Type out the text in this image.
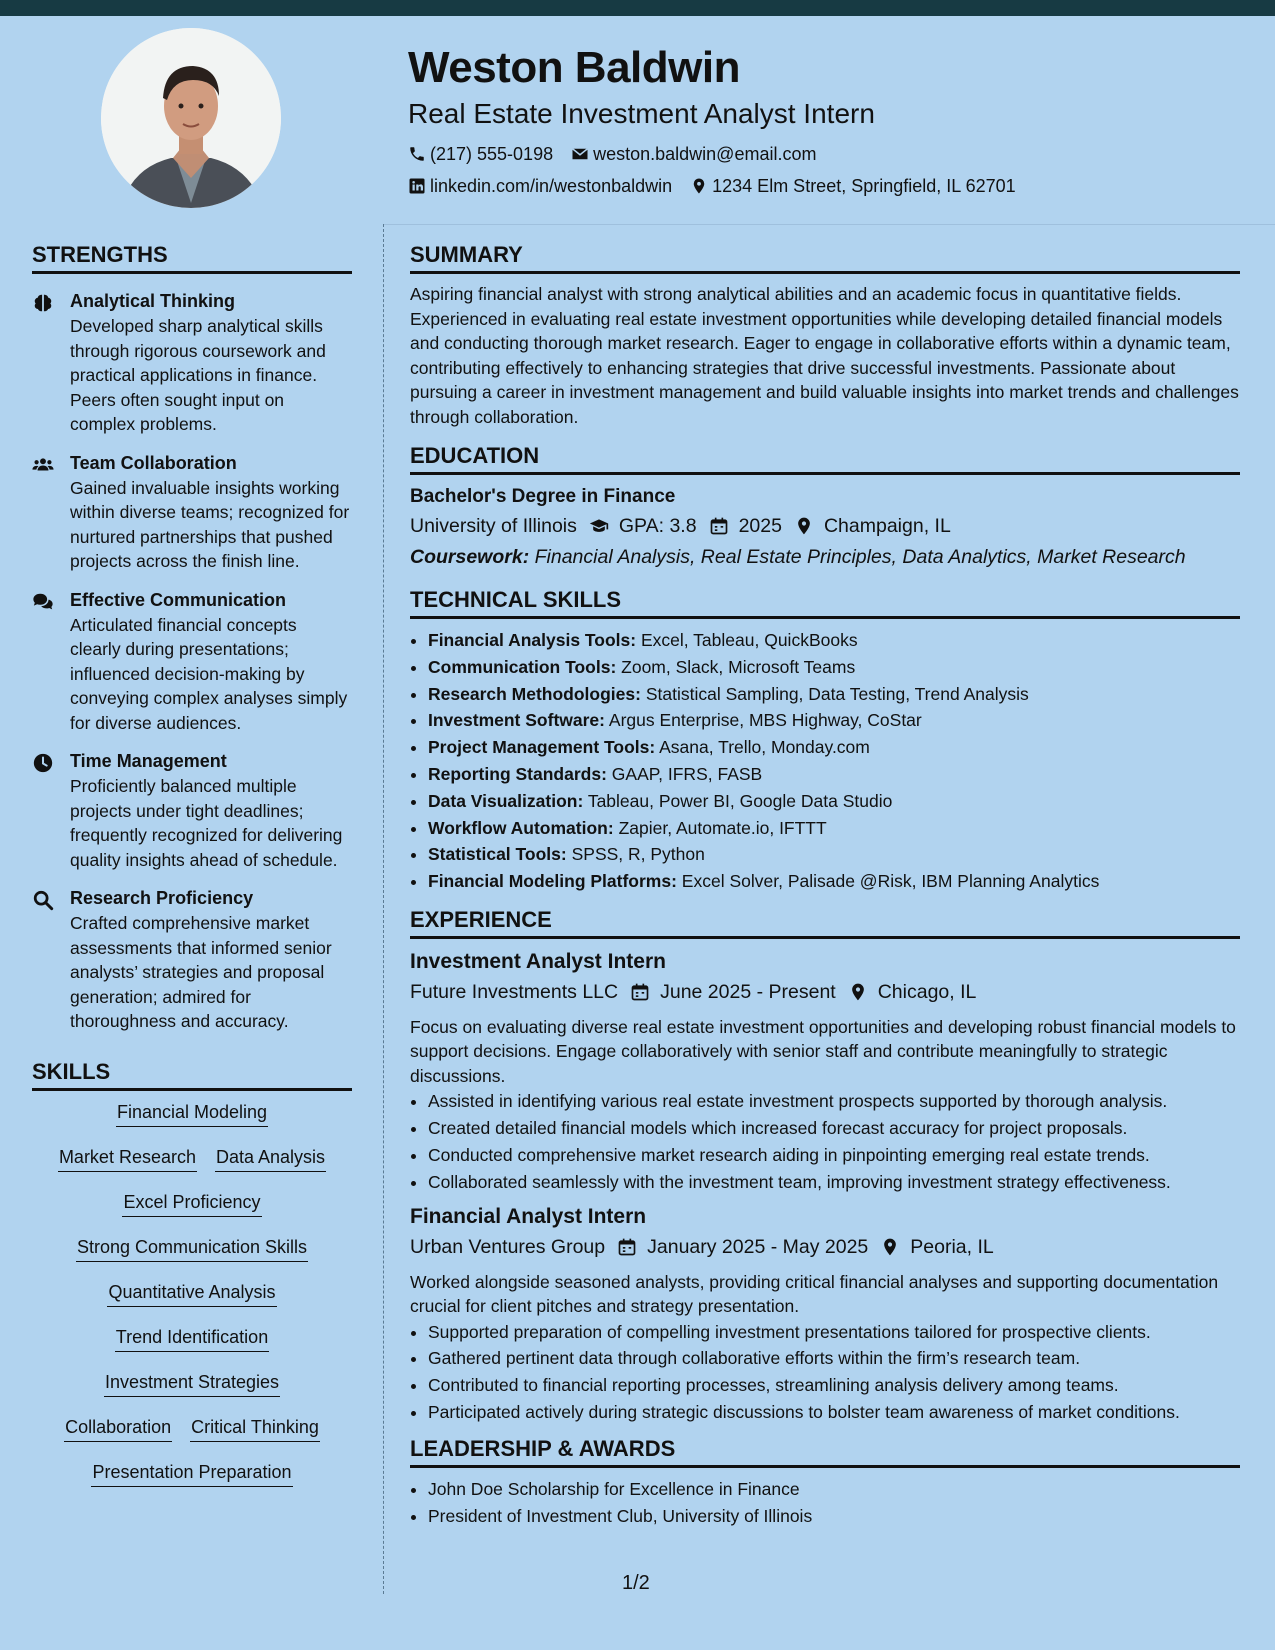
Weston Baldwin
Real Estate Investment Analyst Intern
(217) 555-0198 weston.baldwin@email.com
linkedin.com/in/westonbaldwin 1234 Elm Street, Springfield, IL 62701
STRENGTHS
Analytical Thinking
Developed sharp analytical skills through rigorous coursework and practical applications in finance. Peers often sought input on complex problems.
Team Collaboration
Gained invaluable insights working within diverse teams; recognized for nurtured partnerships that pushed projects across the finish line.
Effective Communication
Articulated financial concepts clearly during presentations; influenced decision-making by conveying complex analyses simply for diverse audiences.
Time Management
Proficiently balanced multiple projects under tight deadlines; frequently recognized for delivering quality insights ahead of schedule.
Research Proficiency
Crafted comprehensive market assessments that informed senior analysts’ strategies and proposal generation; admired for thoroughness and accuracy.
SKILLS
Financial Modeling
Market Research Data Analysis
Excel Proficiency
Strong Communication Skills
Quantitative Analysis
Trend Identification
Investment Strategies
Collaboration Critical Thinking
Presentation Preparation
SUMMARY

Aspiring financial analyst with strong analytical abilities and an academic focus in quantitative fields. Experienced in evaluating real estate investment opportunities while developing detailed financial models and conducting thorough market research. Eager to engage in collaborative efforts within a dynamic team, contributing effectively to enhancing strategies that drive successful investments. Passionate about pursuing a career in investment management and build valuable insights into market trends and challenges through collaboration.

EDUCATION
Bachelor's Degree in Finance
University of Illinois GPA: 3.8 2025 Champaign, IL
Coursework: Financial Analysis, Real Estate Principles, Data Analytics, Market Research
TECHNICAL SKILLS
• Financial Analysis Tools: Excel, Tableau, QuickBooks
• Communication Tools: Zoom, Slack, Microsoft Teams
• Research Methodologies: Statistical Sampling, Data Testing, Trend Analysis
• Investment Software: Argus Enterprise, MBS Highway, CoStar
• Project Management Tools: Asana, Trello, Monday.com
• Reporting Standards: GAAP, IFRS, FASB
• Data Visualization: Tableau, Power BI, Google Data Studio
• Workflow Automation: Zapier, Automate.io, IFTTT
• Statistical Tools: SPSS, R, Python
• Financial Modeling Platforms: Excel Solver, Palisade @Risk, IBM Planning Analytics
EXPERIENCE
Investment Analyst Intern
Future Investments LLC June 2025 - Present Chicago, IL

Focus on evaluating diverse real estate investment opportunities and developing robust financial models to support decisions. Engage collaboratively with senior staff and contribute meaningfully to strategic discussions.

• Assisted in identifying various real estate investment prospects supported by thorough analysis.
• Created detailed financial models which increased forecast accuracy for project proposals.
• Conducted comprehensive market research aiding in pinpointing emerging real estate trends.
• Collaborated seamlessly with the investment team, improving investment strategy effectiveness.
Financial Analyst Intern
Urban Ventures Group January 2025 - May 2025 Peoria, IL

Worked alongside seasoned analysts, providing critical financial analyses and supporting documentation crucial for client pitches and strategy presentation.

• Supported preparation of compelling investment presentations tailored for prospective clients.
• Gathered pertinent data through collaborative efforts within the firm’s research team.
• Contributed to financial reporting processes, streamlining analysis delivery among teams.
• Participated actively during strategic discussions to bolster team awareness of market conditions.
LEADERSHIP & AWARDS
• John Doe Scholarship for Excellence in Finance
• President of Investment Club, University of Illinois
1/2
